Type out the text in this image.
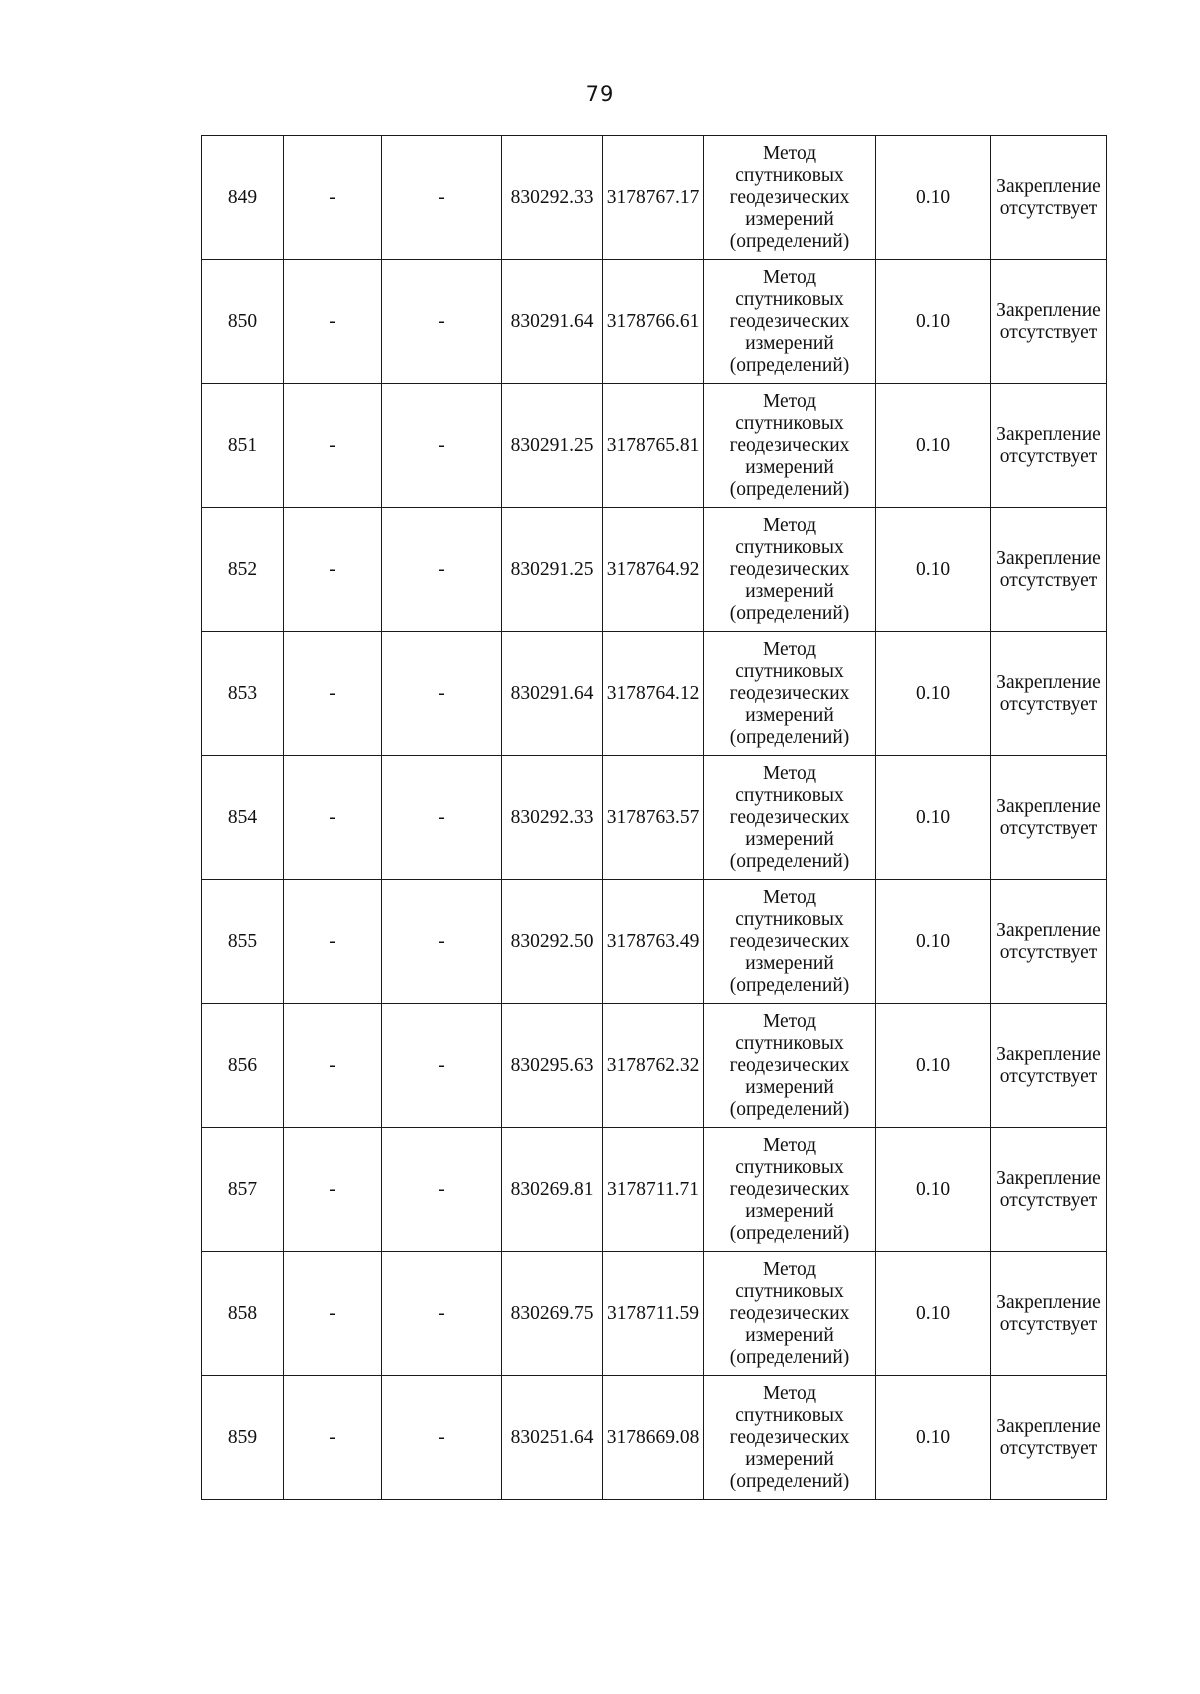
79
849	-	-	830292.33	3178767.17	Метод
спутниковых
геодезических
измерений
(определений)	0.10	Закрепление
отсутствует

850	-	-	830291.64	3178766.61	Метод
спутниковых
геодезических
измерений
(определений)	0.10	Закрепление
отсутствует

851	-	-	830291.25	3178765.81	Метод
спутниковых
геодезических
измерений
(определений)	0.10	Закрепление
отсутствует

852	-	-	830291.25	3178764.92	Метод
спутниковых
геодезических
измерений
(определений)	0.10	Закрепление
отсутствует

853	-	-	830291.64	3178764.12	Метод
спутниковых
геодезических
измерений
(определений)	0.10	Закрепление
отсутствует

854	-	-	830292.33	3178763.57	Метод
спутниковых
геодезических
измерений
(определений)	0.10	Закрепление
отсутствует

855	-	-	830292.50	3178763.49	Метод
спутниковых
геодезических
измерений
(определений)	0.10	Закрепление
отсутствует

856	-	-	830295.63	3178762.32	Метод
спутниковых
геодезических
измерений
(определений)	0.10	Закрепление
отсутствует

857	-	-	830269.81	3178711.71	Метод
спутниковых
геодезических
измерений
(определений)	0.10	Закрепление
отсутствует

858	-	-	830269.75	3178711.59	Метод
спутниковых
геодезических
измерений
(определений)	0.10	Закрепление
отсутствует

859	-	-	830251.64	3178669.08	Метод
спутниковых
геодезических
измерений
(определений)	0.10	Закрепление
отсутствует
